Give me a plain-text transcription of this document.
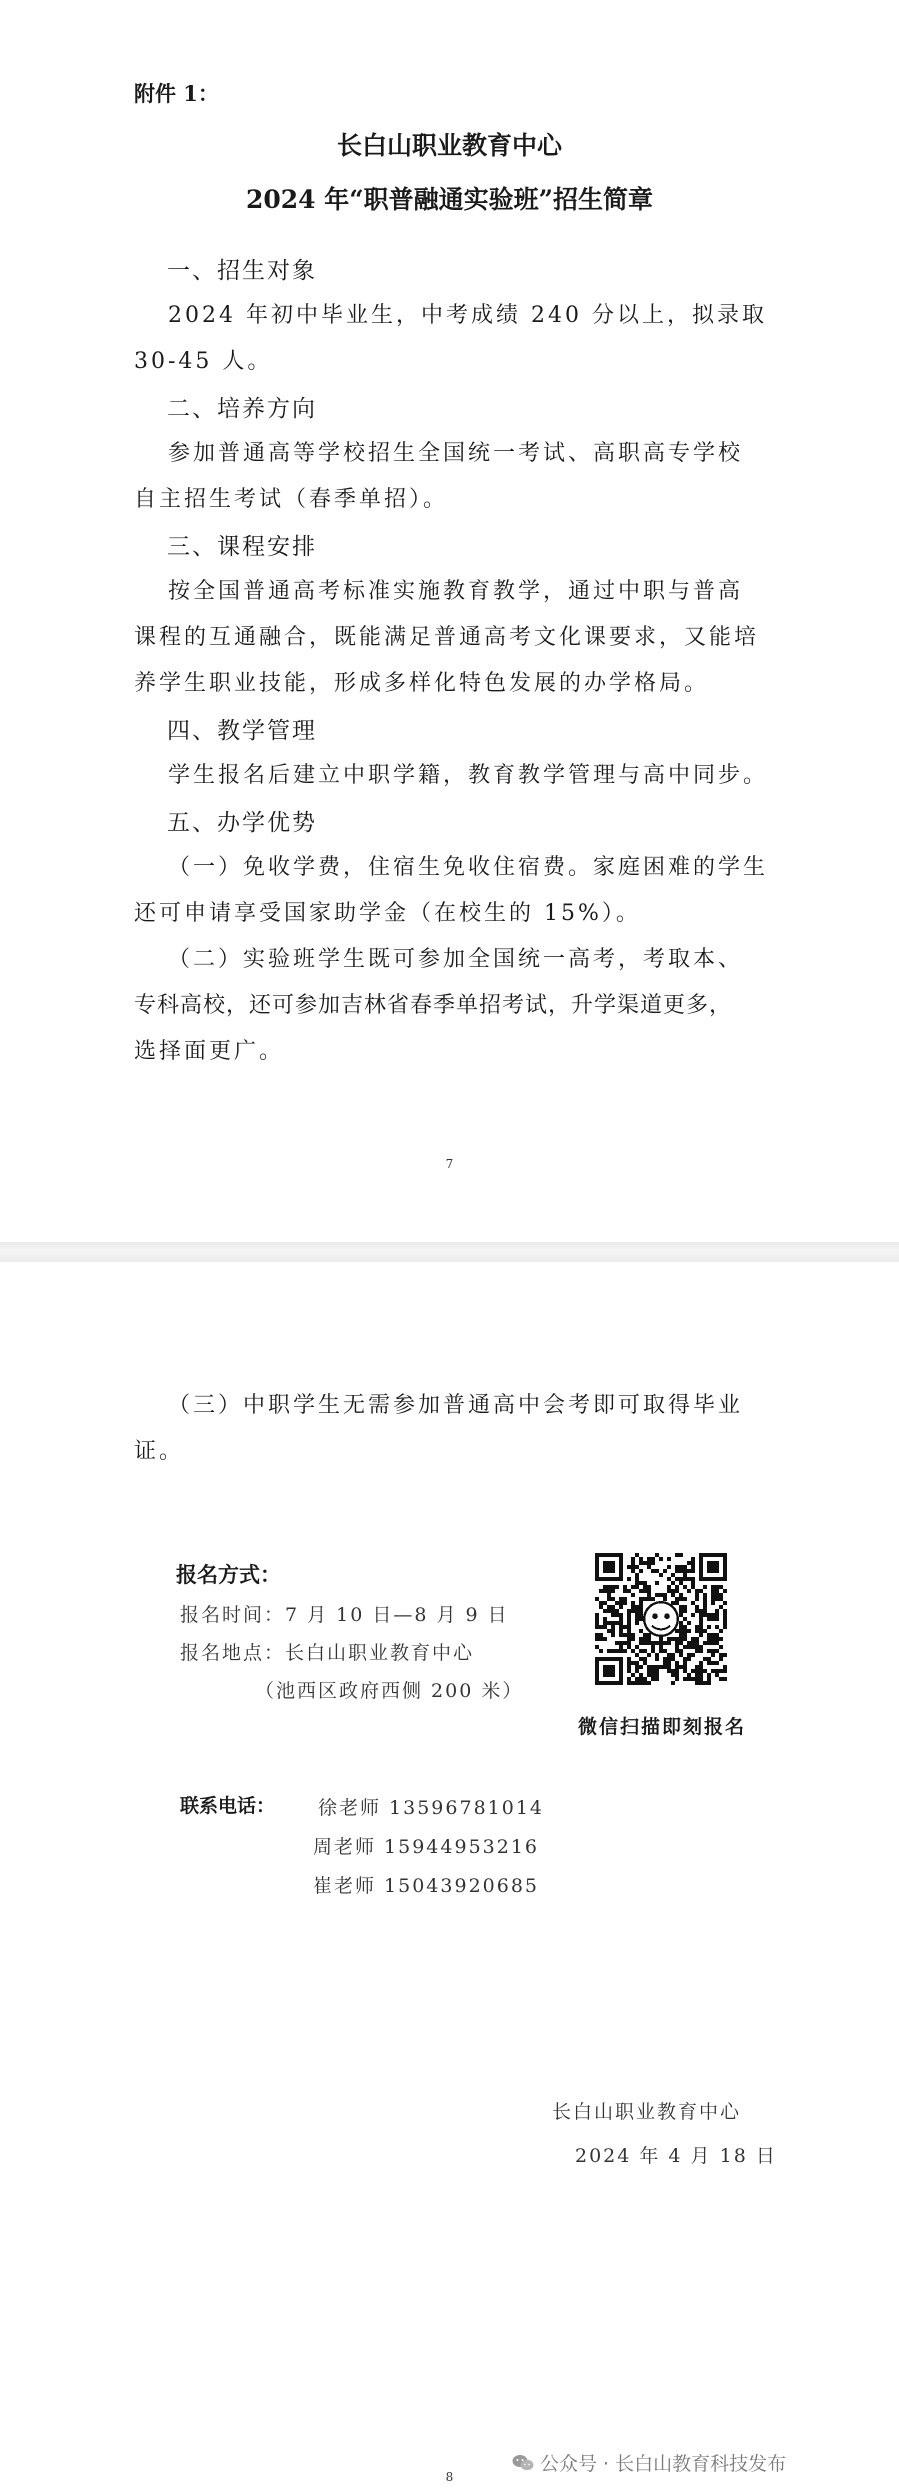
附件 1：
长白山职业教育中心
2024 年“职普融通实验班”招生简章
一、招生对象
2024 年初中毕业生，中考成绩 240 分以上，拟录取
30-45 人。
二、培养方向
参加普通高等学校招生全国统一考试、高职高专学校
自主招生考试（春季单招）。
三、课程安排
按全国普通高考标准实施教育教学，通过中职与普高
课程的互通融合，既能满足普通高考文化课要求，又能培
养学生职业技能，形成多样化特色发展的办学格局。
四、教学管理
学生报名后建立中职学籍，教育教学管理与高中同步。
五、办学优势
（一）免收学费，住宿生免收住宿费。家庭困难的学生
还可申请享受国家助学金（在校生的 15%）。
（二）实验班学生既可参加全国统一高考，考取本、
专科高校，还可参加吉林省春季单招考试，升学渠道更多，
选择面更广。
7
（三）中职学生无需参加普通高中会考即可取得毕业
证。
报名方式：
报名时间：7 月 10 日—8 月 9 日
报名地点：长白山职业教育中心
（池西区政府西侧 200 米）
微信扫描即刻报名
联系电话： 徐老师 13596781014
周老师 15944953216
崔老师 15043920685
长白山职业教育中心
2024 年 4 月 18 日
8
公众号 · 长白山教育科技发布
